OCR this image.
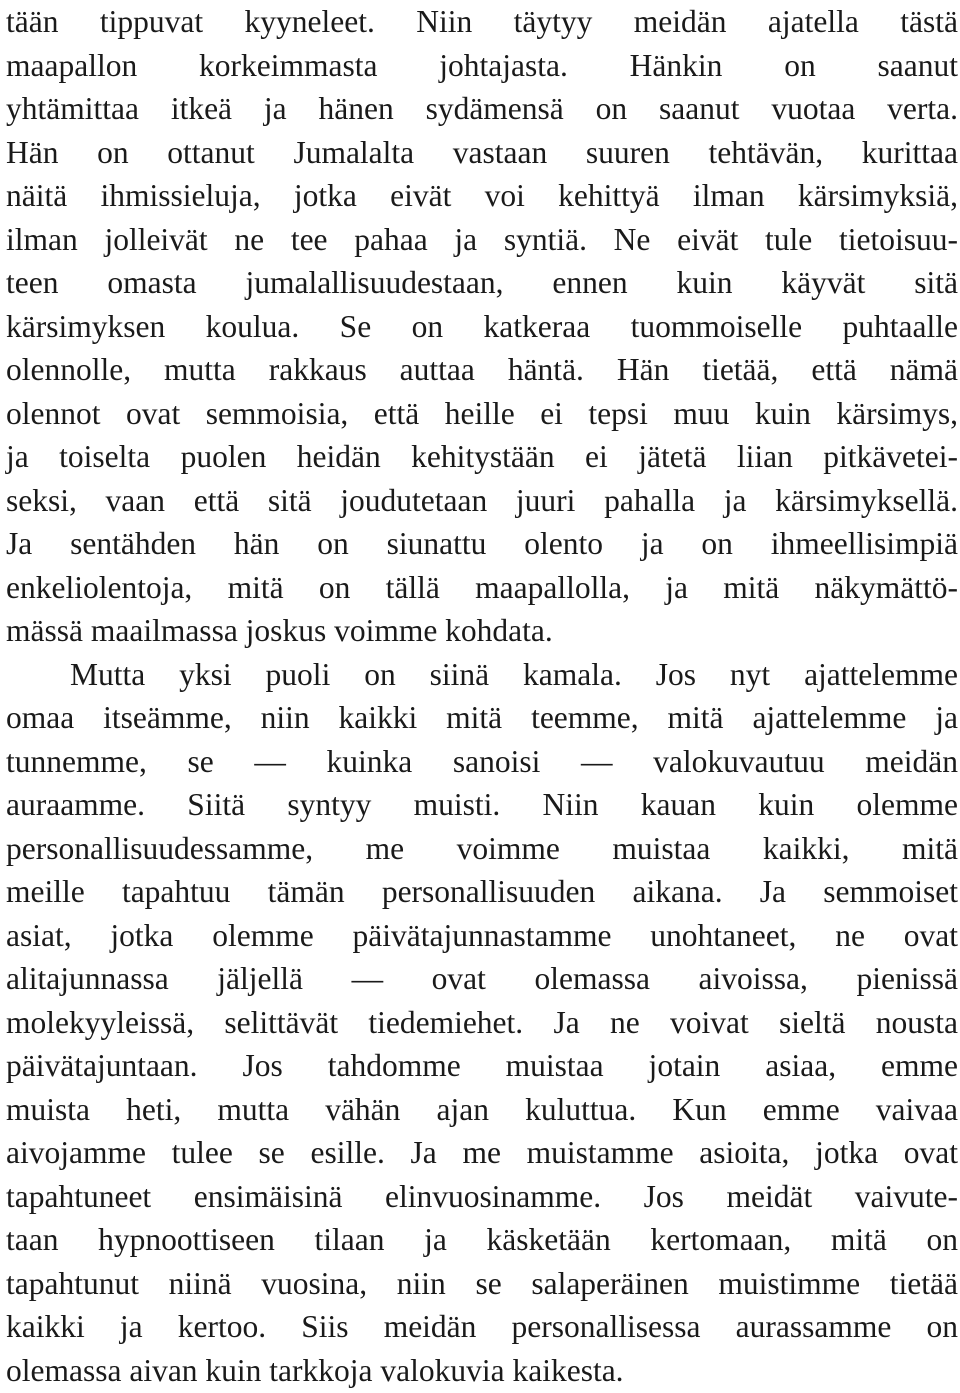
tään tippuvat kyyneleet. Niin täytyy meidän ajatella tästä
maapallon korkeimmasta johtajasta. Hänkin on saanut
yhtämittaa itkeä ja hänen sydämensä on saanut vuotaa verta.
Hän on ottanut Jumalalta vastaan suuren tehtävän, kurittaa
näitä ihmissieluja, jotka eivät voi kehittyä ilman kärsimyksiä,
ilman jolleivät ne tee pahaa ja syntiä. Ne eivät tule tietoisuu-
teen omasta jumalallisuudestaan, ennen kuin käyvät sitä
kärsimyksen koulua. Se on katkeraa tuommoiselle puhtaalle
olennolle, mutta rakkaus auttaa häntä. Hän tietää, että nämä
olennot ovat semmoisia, että heille ei tepsi muu kuin kärsimys,
ja toiselta puolen heidän kehitystään ei jätetä liian pitkävetei-
seksi, vaan että sitä joudutetaan juuri pahalla ja kärsimyksellä.
Ja sentähden hän on siunattu olento ja on ihmeellisimpiä
enkeliolentoja, mitä on tällä maapallolla, ja mitä näkymättö-
mässä maailmassa joskus voimme kohdata.
Mutta yksi puoli on siinä kamala. Jos nyt ajattelemme
omaa itseämme, niin kaikki mitä teemme, mitä ajattelemme ja
tunnemme, se — kuinka sanoisi — valokuvautuu meidän
auraamme. Siitä syntyy muisti. Niin kauan kuin olemme
personallisuudessamme, me voimme muistaa kaikki, mitä
meille tapahtuu tämän personallisuuden aikana. Ja semmoiset
asiat, jotka olemme päivätajunnastamme unohtaneet, ne ovat
alitajunnassa jäljellä — ovat olemassa aivoissa, pienissä
molekyyleissä, selittävät tiedemiehet. Ja ne voivat sieltä nousta
päivätajuntaan. Jos tahdomme muistaa jotain asiaa, emme
muista heti, mutta vähän ajan kuluttua. Kun emme vaivaa
aivojamme tulee se esille. Ja me muistamme asioita, jotka ovat
tapahtuneet ensimäisinä elinvuosinamme. Jos meidät vaivute-
taan hypnoottiseen tilaan ja käsketään kertomaan, mitä on
tapahtunut niinä vuosina, niin se salaperäinen muistimme tietää
kaikki ja kertoo. Siis meidän personallisessa aurassamme on
olemassa aivan kuin tarkkoja valokuvia kaikesta.
